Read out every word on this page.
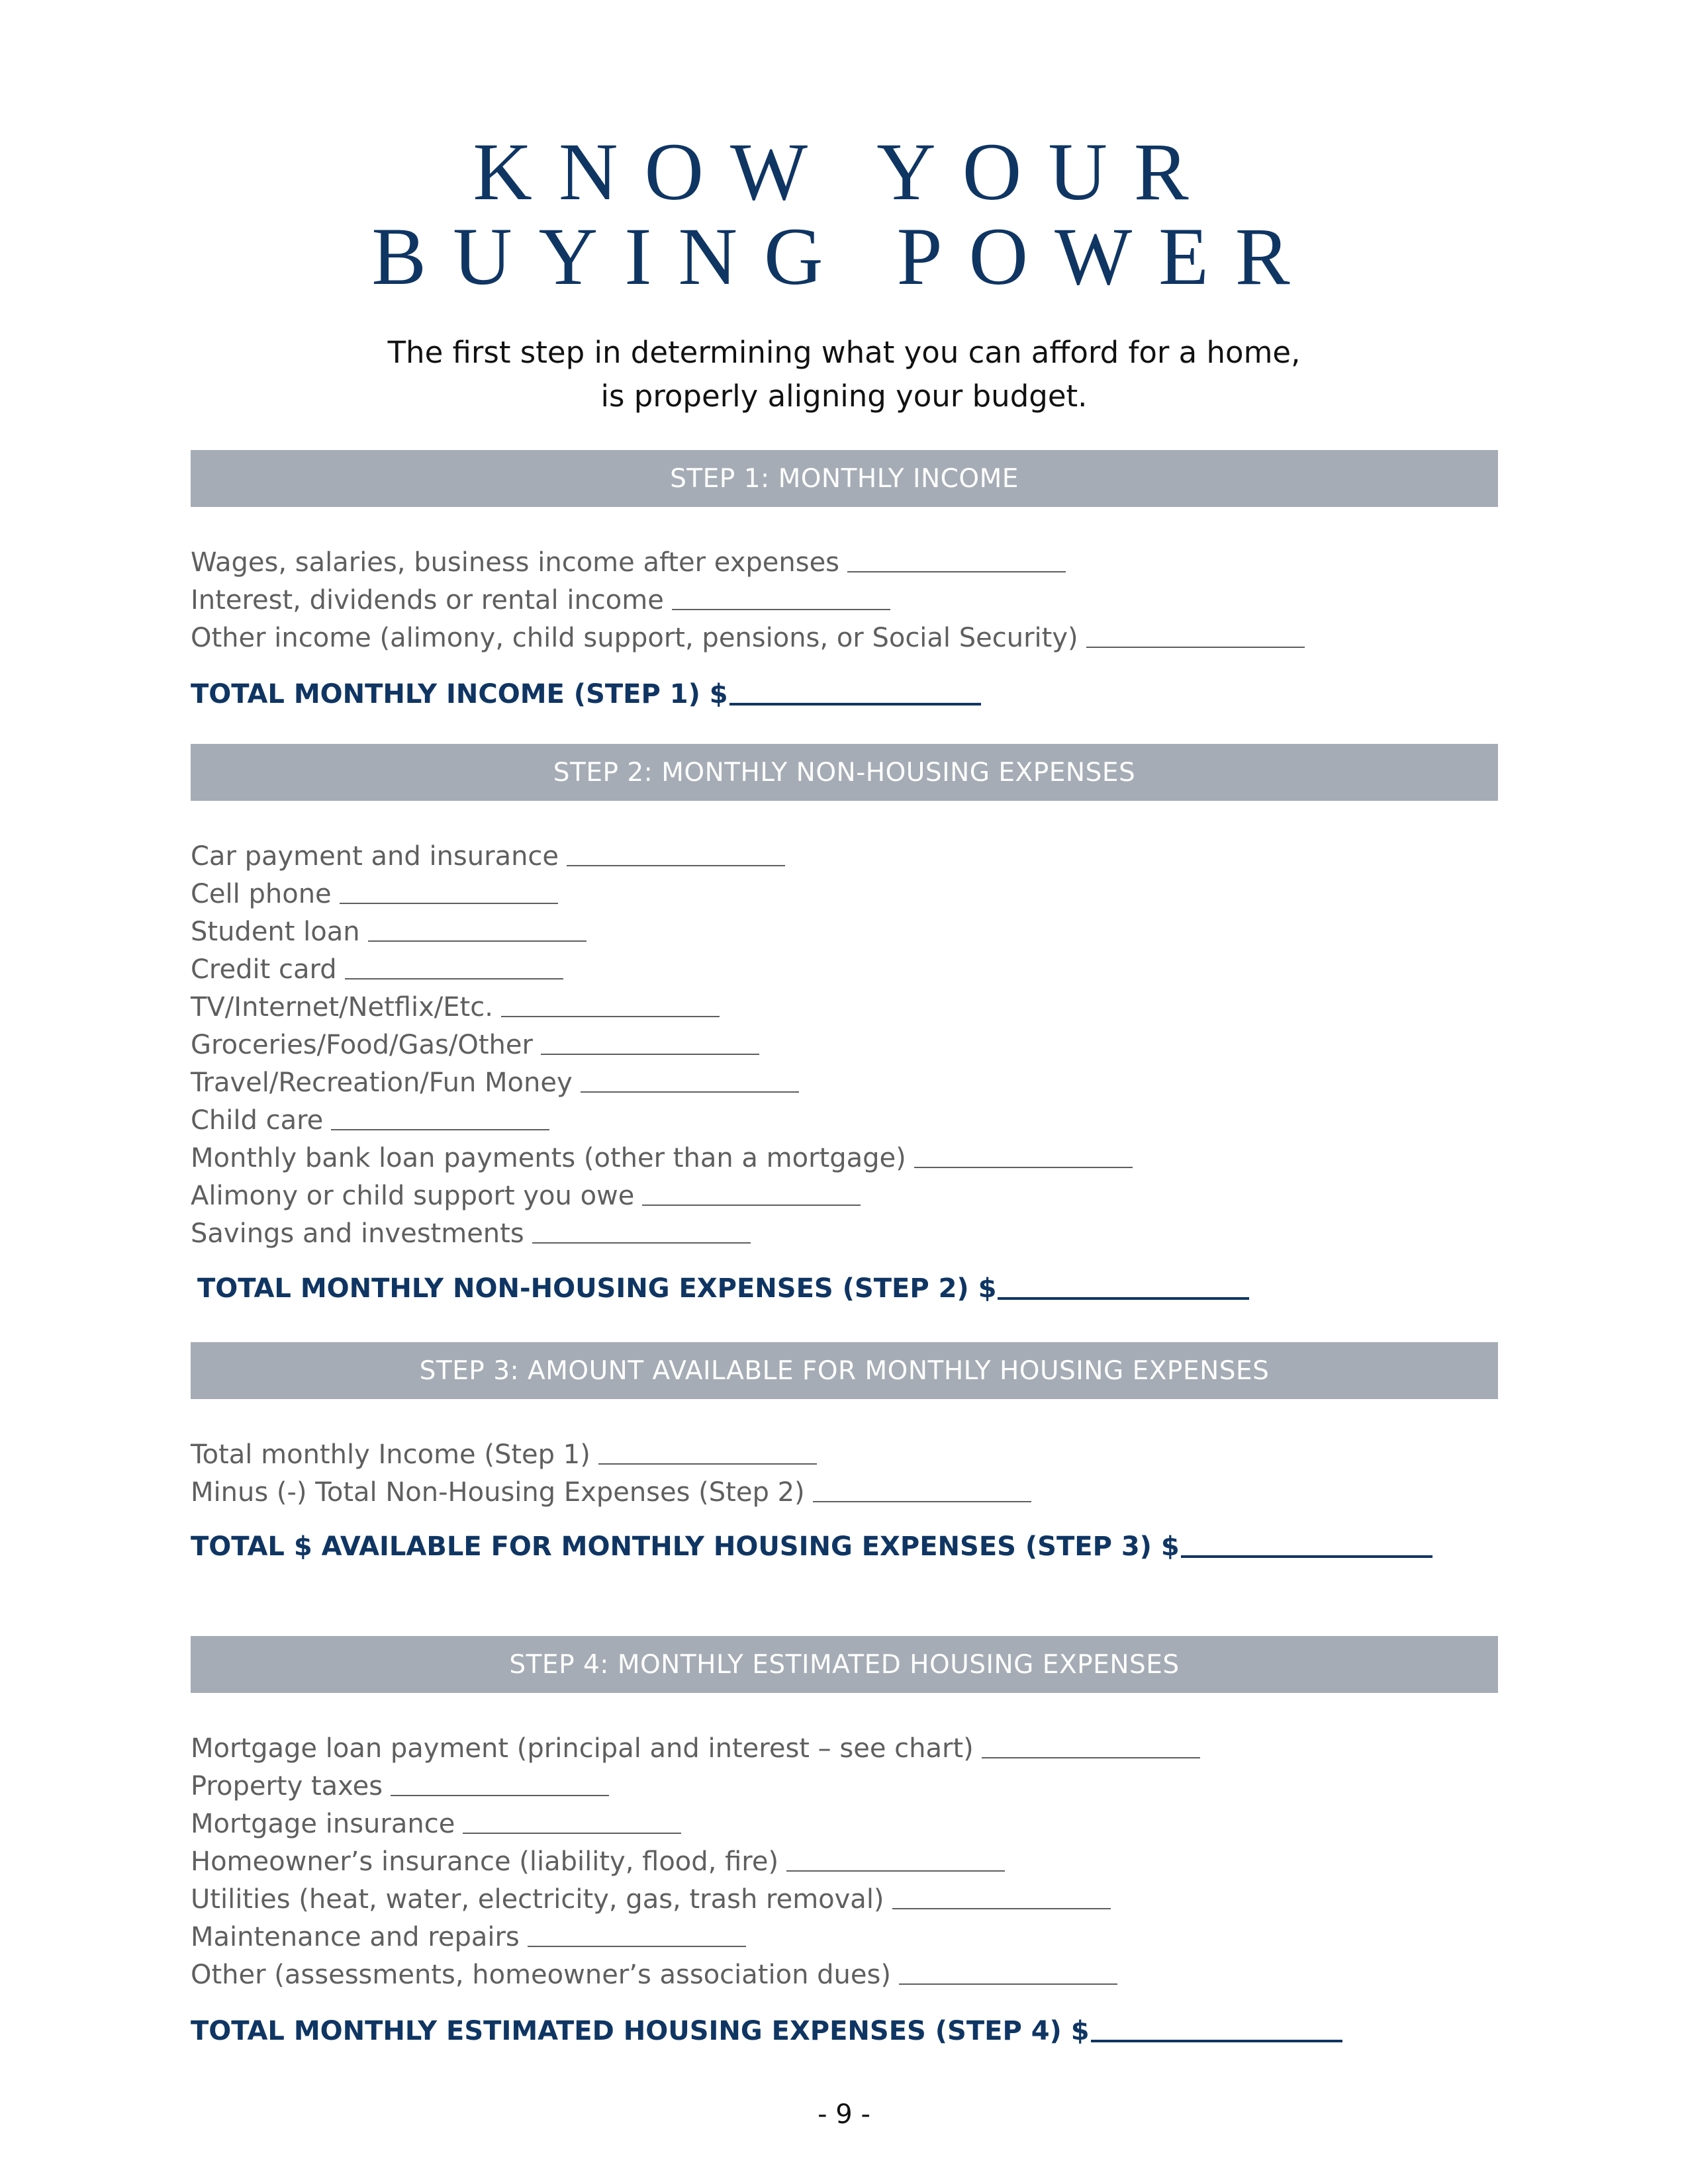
KNOW YOUR
BUYING POWER
The first step in determining what you can afford for a home,
is properly aligning your budget.
STEP 1: MONTHLY INCOME
Wages, salaries, business income after expenses
Interest, dividends or rental income
Other income (alimony, child support, pensions, or Social Security)
TOTAL MONTHLY INCOME (STEP 1) $
STEP 2: MONTHLY NON-HOUSING EXPENSES
Car payment and insurance
Cell phone
Student loan
Credit card
TV/Internet/Netflix/Etc.
Groceries/Food/Gas/Other
Travel/Recreation/Fun Money
Child care
Monthly bank loan payments (other than a mortgage)
Alimony or child support you owe
Savings and investments
TOTAL MONTHLY NON-HOUSING EXPENSES (STEP 2) $
STEP 3: AMOUNT AVAILABLE FOR MONTHLY HOUSING EXPENSES
Total monthly Income (Step 1)
Minus (-) Total Non-Housing Expenses (Step 2)
TOTAL $ AVAILABLE FOR MONTHLY HOUSING EXPENSES (STEP 3) $
STEP 4: MONTHLY ESTIMATED HOUSING EXPENSES
Mortgage loan payment (principal and interest – see chart)
Property taxes
Mortgage insurance
Homeowner’s insurance (liability, flood, fire)
Utilities (heat, water, electricity, gas, trash removal)
Maintenance and repairs
Other (assessments, homeowner’s association dues)
TOTAL MONTHLY ESTIMATED HOUSING EXPENSES (STEP 4) $
- 9 -
